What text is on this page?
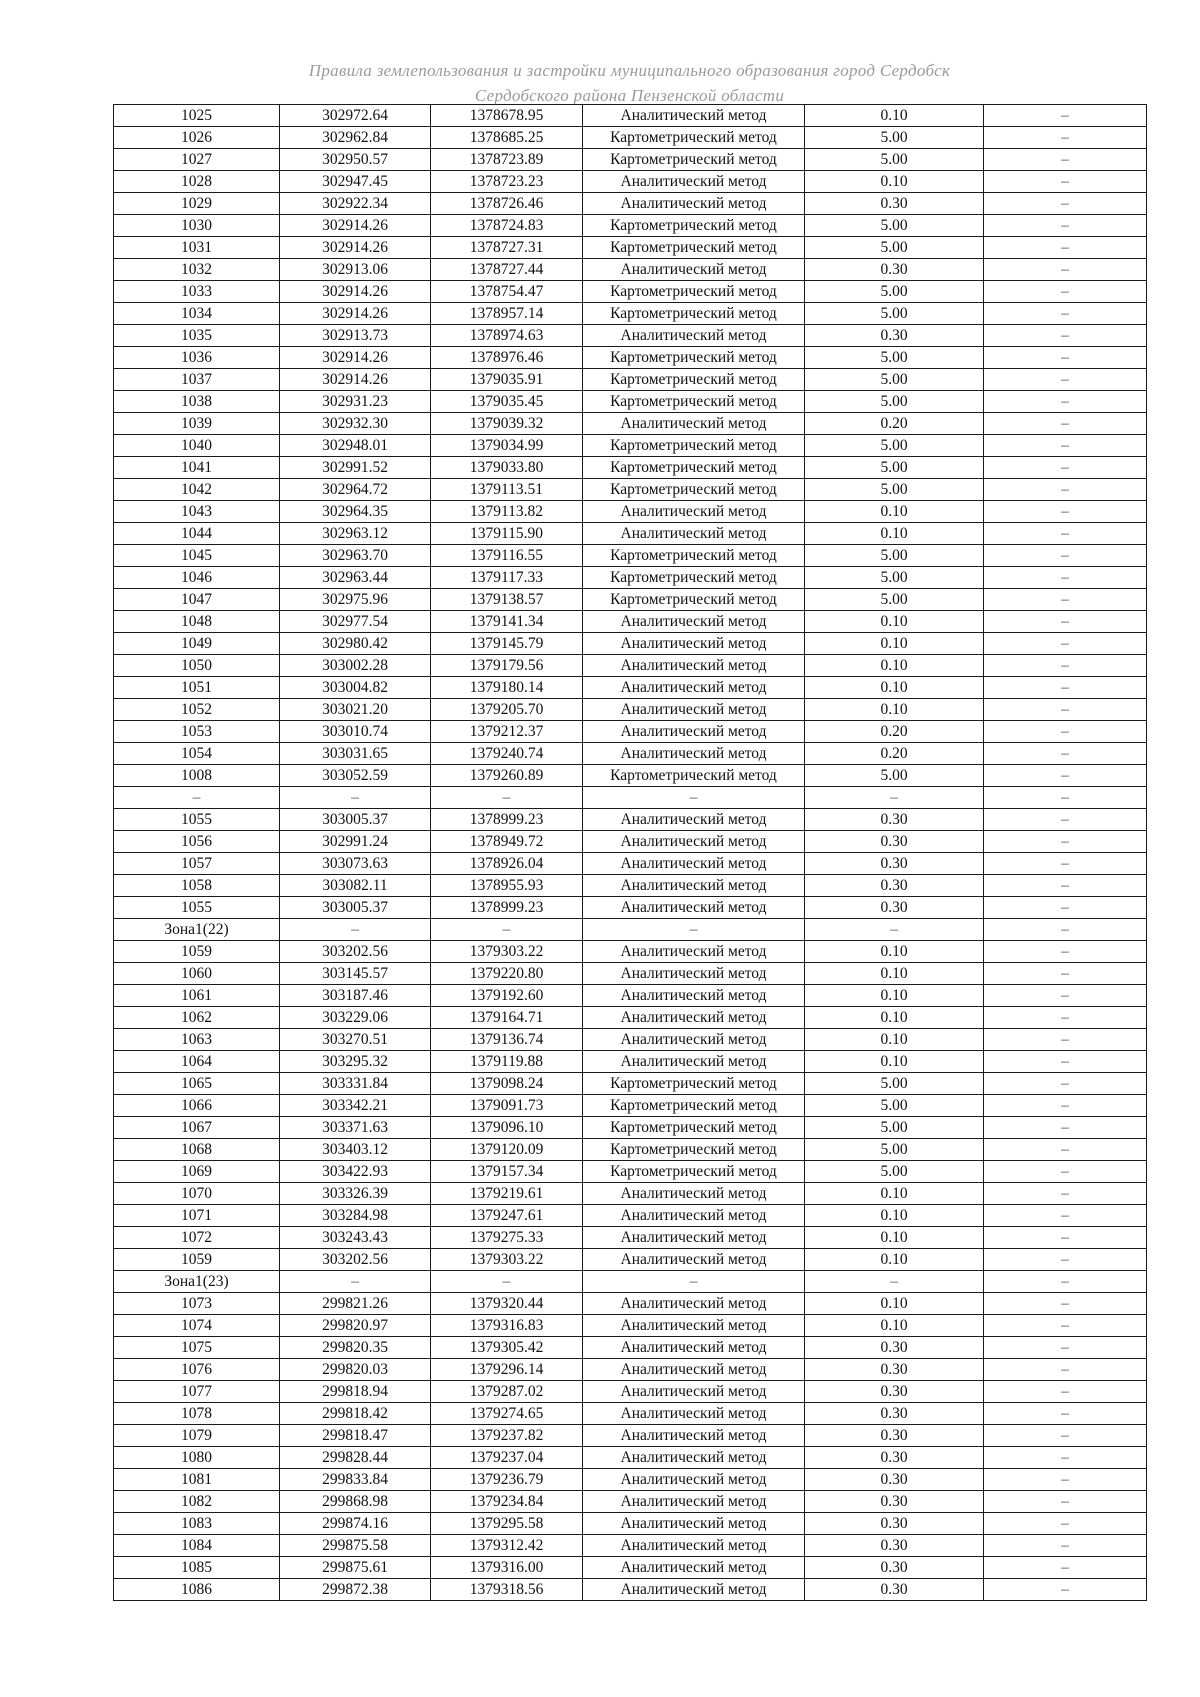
Правила землепользования и застройки муниципального образования город Сердобск
Сердобского района Пензенской области
1025	302972.64	1378678.95	Аналитический метод	0.10	–
1026	302962.84	1378685.25	Картометрический метод	5.00	–
1027	302950.57	1378723.89	Картометрический метод	5.00	–
1028	302947.45	1378723.23	Аналитический метод	0.10	–
1029	302922.34	1378726.46	Аналитический метод	0.30	–
1030	302914.26	1378724.83	Картометрический метод	5.00	–
1031	302914.26	1378727.31	Картометрический метод	5.00	–
1032	302913.06	1378727.44	Аналитический метод	0.30	–
1033	302914.26	1378754.47	Картометрический метод	5.00	–
1034	302914.26	1378957.14	Картометрический метод	5.00	–
1035	302913.73	1378974.63	Аналитический метод	0.30	–
1036	302914.26	1378976.46	Картометрический метод	5.00	–
1037	302914.26	1379035.91	Картометрический метод	5.00	–
1038	302931.23	1379035.45	Картометрический метод	5.00	–
1039	302932.30	1379039.32	Аналитический метод	0.20	–
1040	302948.01	1379034.99	Картометрический метод	5.00	–
1041	302991.52	1379033.80	Картометрический метод	5.00	–
1042	302964.72	1379113.51	Картометрический метод	5.00	–
1043	302964.35	1379113.82	Аналитический метод	0.10	–
1044	302963.12	1379115.90	Аналитический метод	0.10	–
1045	302963.70	1379116.55	Картометрический метод	5.00	–
1046	302963.44	1379117.33	Картометрический метод	5.00	–
1047	302975.96	1379138.57	Картометрический метод	5.00	–
1048	302977.54	1379141.34	Аналитический метод	0.10	–
1049	302980.42	1379145.79	Аналитический метод	0.10	–
1050	303002.28	1379179.56	Аналитический метод	0.10	–
1051	303004.82	1379180.14	Аналитический метод	0.10	–
1052	303021.20	1379205.70	Аналитический метод	0.10	–
1053	303010.74	1379212.37	Аналитический метод	0.20	–
1054	303031.65	1379240.74	Аналитический метод	0.20	–
1008	303052.59	1379260.89	Картометрический метод	5.00	–
–	–	–	–	–	–
1055	303005.37	1378999.23	Аналитический метод	0.30	–
1056	302991.24	1378949.72	Аналитический метод	0.30	–
1057	303073.63	1378926.04	Аналитический метод	0.30	–
1058	303082.11	1378955.93	Аналитический метод	0.30	–
1055	303005.37	1378999.23	Аналитический метод	0.30	–
Зона1(22)	–	–	–	–	–
1059	303202.56	1379303.22	Аналитический метод	0.10	–
1060	303145.57	1379220.80	Аналитический метод	0.10	–
1061	303187.46	1379192.60	Аналитический метод	0.10	–
1062	303229.06	1379164.71	Аналитический метод	0.10	–
1063	303270.51	1379136.74	Аналитический метод	0.10	–
1064	303295.32	1379119.88	Аналитический метод	0.10	–
1065	303331.84	1379098.24	Картометрический метод	5.00	–
1066	303342.21	1379091.73	Картометрический метод	5.00	–
1067	303371.63	1379096.10	Картометрический метод	5.00	–
1068	303403.12	1379120.09	Картометрический метод	5.00	–
1069	303422.93	1379157.34	Картометрический метод	5.00	–
1070	303326.39	1379219.61	Аналитический метод	0.10	–
1071	303284.98	1379247.61	Аналитический метод	0.10	–
1072	303243.43	1379275.33	Аналитический метод	0.10	–
1059	303202.56	1379303.22	Аналитический метод	0.10	–
Зона1(23)	–	–	–	–	–
1073	299821.26	1379320.44	Аналитический метод	0.10	–
1074	299820.97	1379316.83	Аналитический метод	0.10	–
1075	299820.35	1379305.42	Аналитический метод	0.30	–
1076	299820.03	1379296.14	Аналитический метод	0.30	–
1077	299818.94	1379287.02	Аналитический метод	0.30	–
1078	299818.42	1379274.65	Аналитический метод	0.30	–
1079	299818.47	1379237.82	Аналитический метод	0.30	–
1080	299828.44	1379237.04	Аналитический метод	0.30	–
1081	299833.84	1379236.79	Аналитический метод	0.30	–
1082	299868.98	1379234.84	Аналитический метод	0.30	–
1083	299874.16	1379295.58	Аналитический метод	0.30	–
1084	299875.58	1379312.42	Аналитический метод	0.30	–
1085	299875.61	1379316.00	Аналитический метод	0.30	–
1086	299872.38	1379318.56	Аналитический метод	0.30	–
